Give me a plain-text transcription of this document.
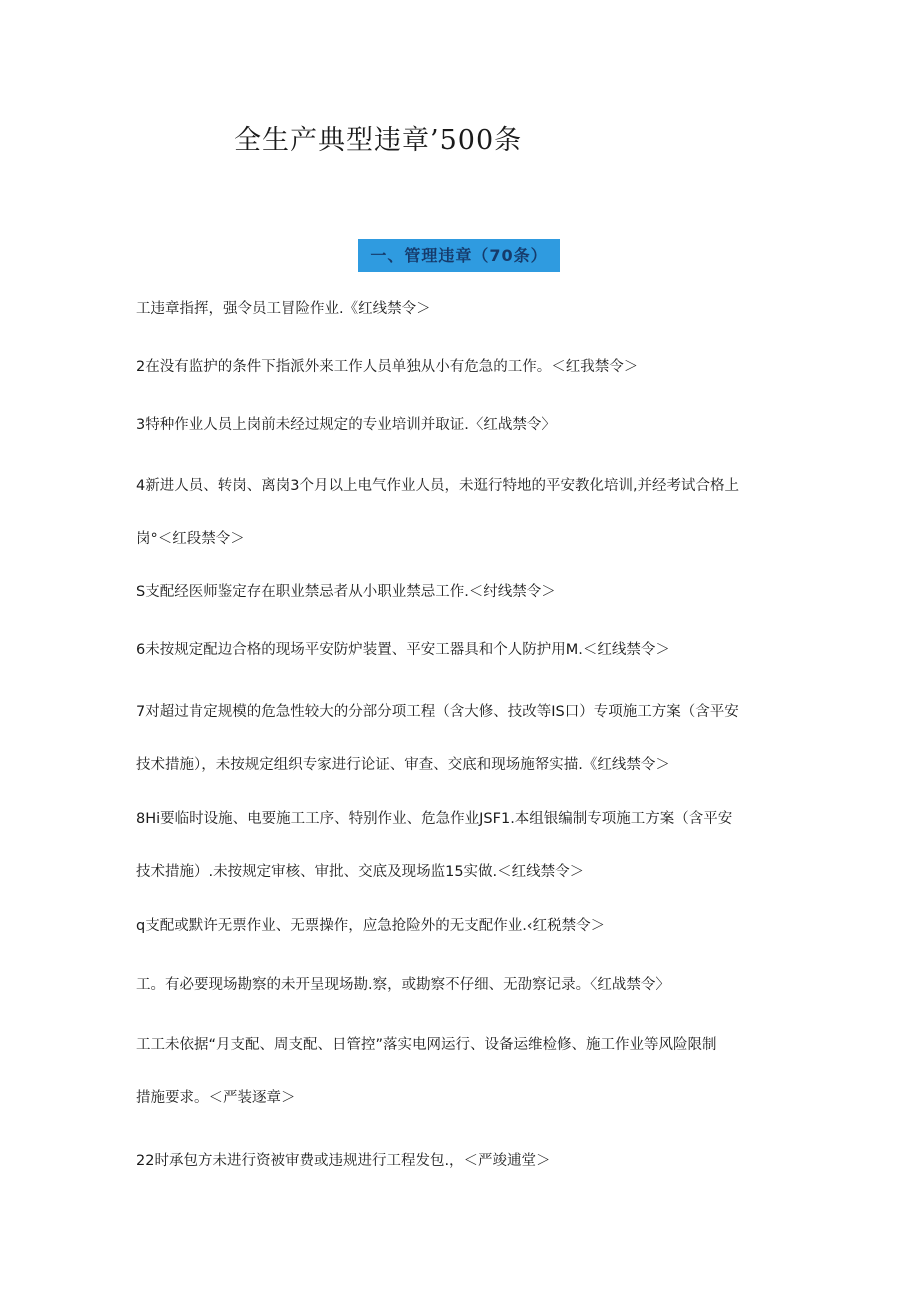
全生产典型违章’500条
一、管理违章（70条）
工违章指挥，强令员工冒险作业.《红线禁令＞
2在没有监护的条件下指派外来工作人员单独从小有危急的工作。＜红我禁令＞
3特种作业人员上岗前未经过规定的专业培训并取证.〈红战禁令〉
4新进人员、转岗、离岗3个月以上电气作业人员，未逛行特地的平安教化培训,并经考试合格上
岗°＜红段禁令＞
S支配经医师鉴定存在职业禁忌者从小职业禁忌工作.＜纣线禁令＞
6未按规定配边合格的现场平安防炉装置、平安工器具和个人防护用M.＜红线禁令＞
7对超过肯定规模的危急性较大的分部分项工程（含大修、技改等IS口）专项施工方案（含平安
技术措施），未按规定组织专家进行论证、审查、交底和现场施帑实描.《红线禁令＞
8Hi要临时设施、电要施工工序、特别作业、危急作业JSF1.本组银编制专项施工方案（含平安
技术措施）.未按规定审核、审批、交底及现场监15实做.＜红线禁令＞
q支配或默许无票作业、无票操作，应急抢险外的无支配作业.‹红税禁令＞
工。有必要现场勘察的未开呈现场勘.察，或勘察不仔细、无劭察记录。〈红战禁令〉
工工未依据“月支配、周支配、日管控”落实电网运行、设备运维检修、施工作业等风险限制
措施要求。＜严装逐章＞
22时承包方未进行资被审费或违规进行工程发包.，＜严竣逋堂＞
